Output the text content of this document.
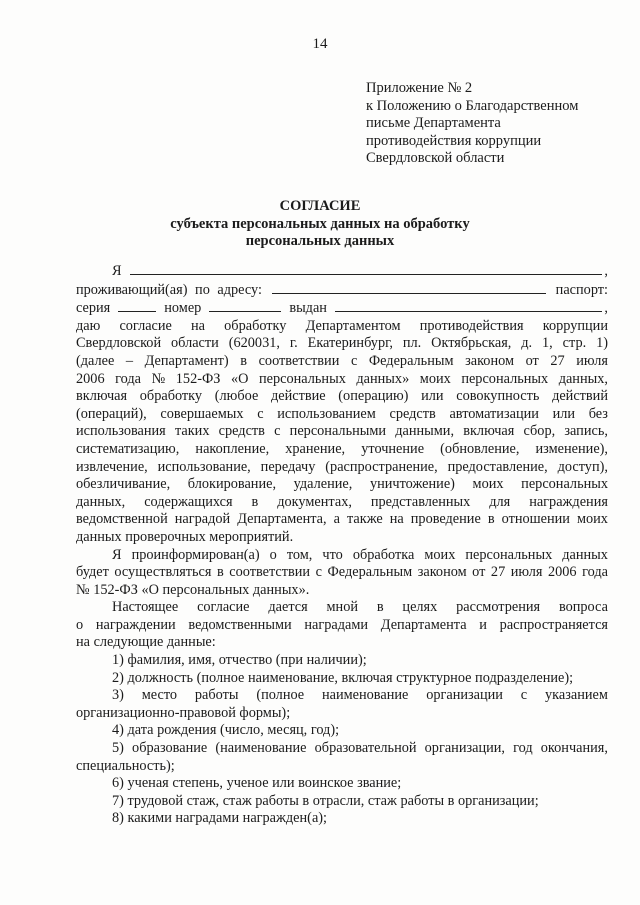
14
Приложение № 2
к Положению о Благодарственном
письме Департамента
противодействия коррупции
Свердловской области
СОГЛАСИЕ
субъекта персональных данных на обработку
персональных данных
Я	,
проживающий(ая) по адресу:	паспорт:
серия	номер	выдан	,
даю согласие на обработку Департаментом противодействия коррупции
Свердловской области (620031, г. Екатеринбург, пл. Октябрьская, д. 1, стр. 1)
(далее – Департамент) в соответствии с Федеральным законом от 27 июля
2006 года № 152-ФЗ «О персональных данных» моих персональных данных,
включая обработку (любое действие (операцию) или совокупность действий
(операций), совершаемых с использованием средств автоматизации или без
использования таких средств с персональными данными, включая сбор, запись,
систематизацию, накопление, хранение, уточнение (обновление, изменение),
извлечение, использование, передачу (распространение, предоставление, доступ),
обезличивание, блокирование, удаление, уничтожение) моих персональных
данных, содержащихся в документах, представленных для награждения
ведомственной наградой Департамента, а также на проведение в отношении моих
данных проверочных мероприятий.
Я проинформирован(а) о том, что обработка моих персональных данных
будет осуществляться в соответствии с Федеральным законом от 27 июля 2006 года
№ 152-ФЗ «О персональных данных».
Настоящее согласие дается мной в целях рассмотрения вопроса
о награждении ведомственными наградами Департамента и распространяется
на следующие данные:
1) фамилия, имя, отчество (при наличии);
2) должность (полное наименование, включая структурное подразделение);
3) место работы (полное наименование организации с указанием
организационно-правовой формы);
4) дата рождения (число, месяц, год);
5) образование (наименование образовательной организации, год окончания,
специальность);
6) ученая степень, ученое или воинское звание;
7) трудовой стаж, стаж работы в отрасли, стаж работы в организации;
8) какими наградами награжден(а);
